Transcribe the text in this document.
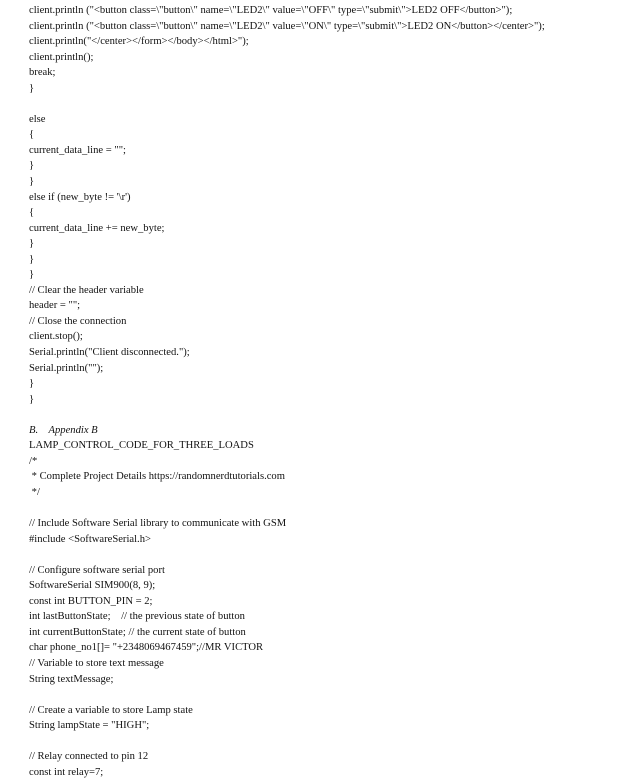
client.println ("<button class=\"button\" name=\"LED2\" value=\"OFF\" type=\"submit\">LED2 OFF</button>");
client.println ("<button class=\"button\" name=\"LED2\" value=\"ON\" type=\"submit\">LED2 ON</button></center>");
client.println("</center></form></body></html>");
client.println();
break;
}
else
{
current_data_line = "";
}
}
else if (new_byte != '\r')
{
current_data_line += new_byte;
}
}
}
// Clear the header variable
header = "";
// Close the connection
client.stop();
Serial.println("Client disconnected.");
Serial.println("");
}
}
B.    Appendix B
LAMP_CONTROL_CODE_FOR_THREE_LOADS
/*
* Complete Project Details https://randomnerdtutorials.com
*/
// Include Software Serial library to communicate with GSM
#include <SoftwareSerial.h>
// Configure software serial port
SoftwareSerial SIM900(8, 9);
const int BUTTON_PIN = 2;
int lastButtonState;    // the previous state of button
int currentButtonState; // the current state of button
char phone_no1[]= "+2348069467459";//MR VICTOR
// Variable to store text message
String textMessage;
// Create a variable to store Lamp state
String lampState = "HIGH";
// Relay connected to pin 12
const int relay=7;
